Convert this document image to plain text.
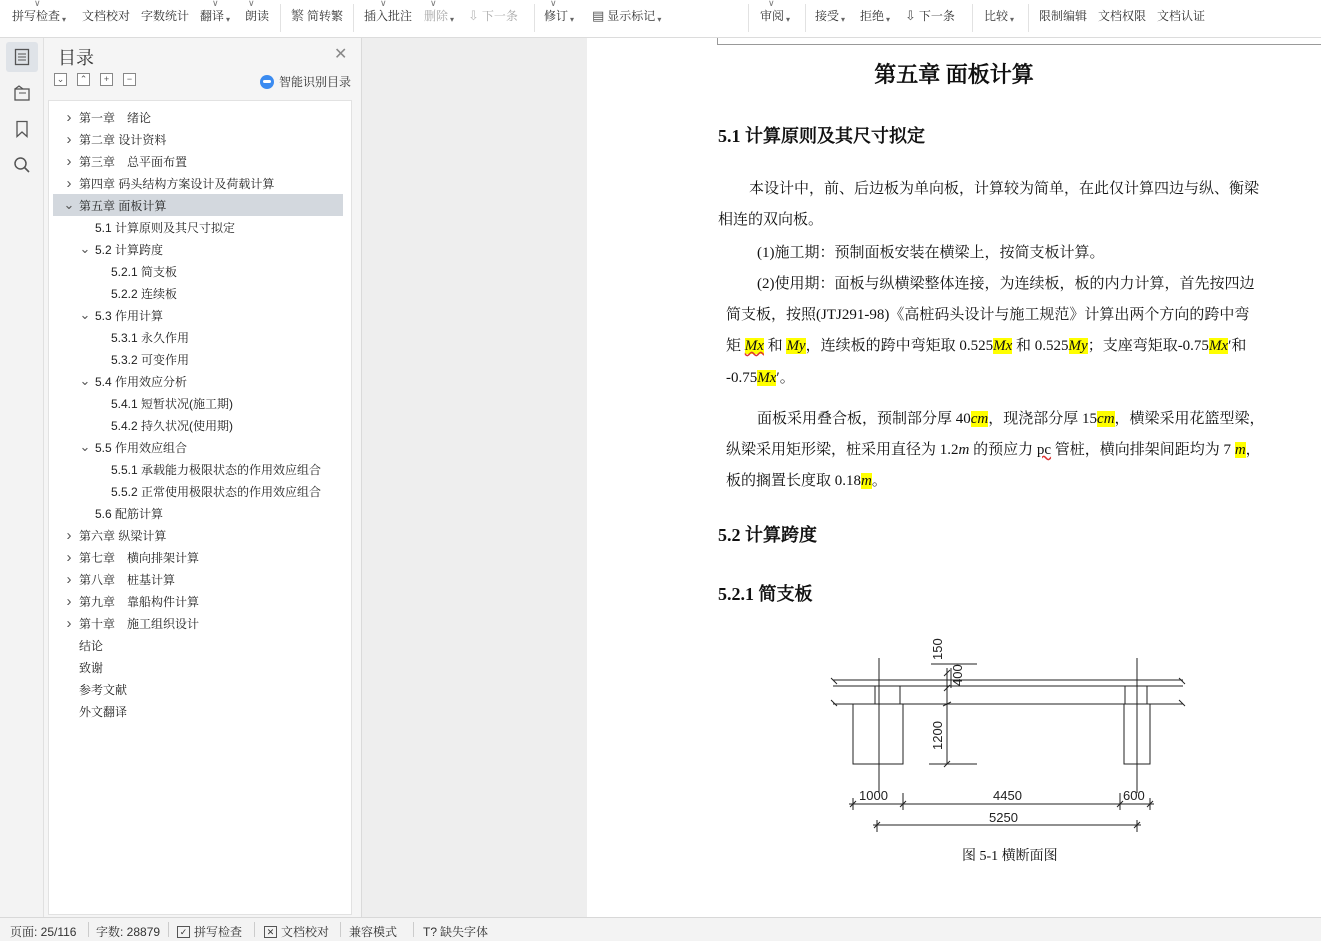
∨	∨	∨	∨	∨	∨	∨
拼写检查 ▾ 文档校对 字数统计 翻译 ▾ 朗读 繁 简转繁 插入批注 删除 ▾ ⇩ 下一条 修订 ▾ ▤ 显示标记 ▾	审阅 ▾ 接受 ▾ 拒绝 ▾ ⇩ 下一条 比较 ▾ 限制编辑 文档权限 文档认证
目录	✕
⌄	⌃	+	−	智能识别目录
› 第一章　绪论
› 第二章 设计资料
› 第三章　总平面布置
› 第四章 码头结构方案设计及荷载计算
⌄ 第五章 面板计算
5.1 计算原则及其尺寸拟定
⌄ 5.2 计算跨度
5.2.1 简支板
5.2.2 连续板
⌄ 5.3 作用计算
5.3.1 永久作用
5.3.2 可变作用
⌄ 5.4 作用效应分析
5.4.1 短暂状况(施工期)
5.4.2 持久状况(使用期)
⌄ 5.5 作用效应组合
5.5.1 承载能力极限状态的作用效应组合
5.5.2 正常使用极限状态的作用效应组合
5.6 配筋计算
› 第六章 纵梁计算
› 第七章　横向排架计算
› 第八章　桩基计算
› 第九章　靠船构件计算
› 第十章　施工组织设计
结论
致谢
参考文献
外文翻译
第五章 面板计算
5.1 计算原则及其尺寸拟定
本设计中，前、后边板为单向板，计算较为简单，在此仅计算四边与纵、衡梁
相连的双向板。
(1)施工期：预制面板安装在横梁上，按简支板计算。
(2)使用期：面板与纵横梁整体连接，为连续板，板的内力计算，首先按四边
简支板，按照(JTJ291-98)《高桩码头设计与施工规范》计算出两个方向的跨中弯
矩 Mx 和 My，连续板的跨中弯矩取 0.525Mx 和 0.525My；支座弯矩取-0.75Mx′和
-0.75Mx′。
面板采用叠合板，预制部分厚 40cm，现浇部分厚 15cm，横梁采用花篮型梁，
纵梁采用矩形梁，桩采用直径为 1.2m 的预应力 pc 管桩，横向排架间距均为 7 m，
板的搁置长度取 0.18m。
5.2 计算跨度
5.2.1 简支板
150
400
1200
1000	4450	600
5250
图 5-1 横断面图
页面: 25/116 字数: 28879	✓ 拼写检查	✕ 文档校对 兼容模式 T? 缺失字体
